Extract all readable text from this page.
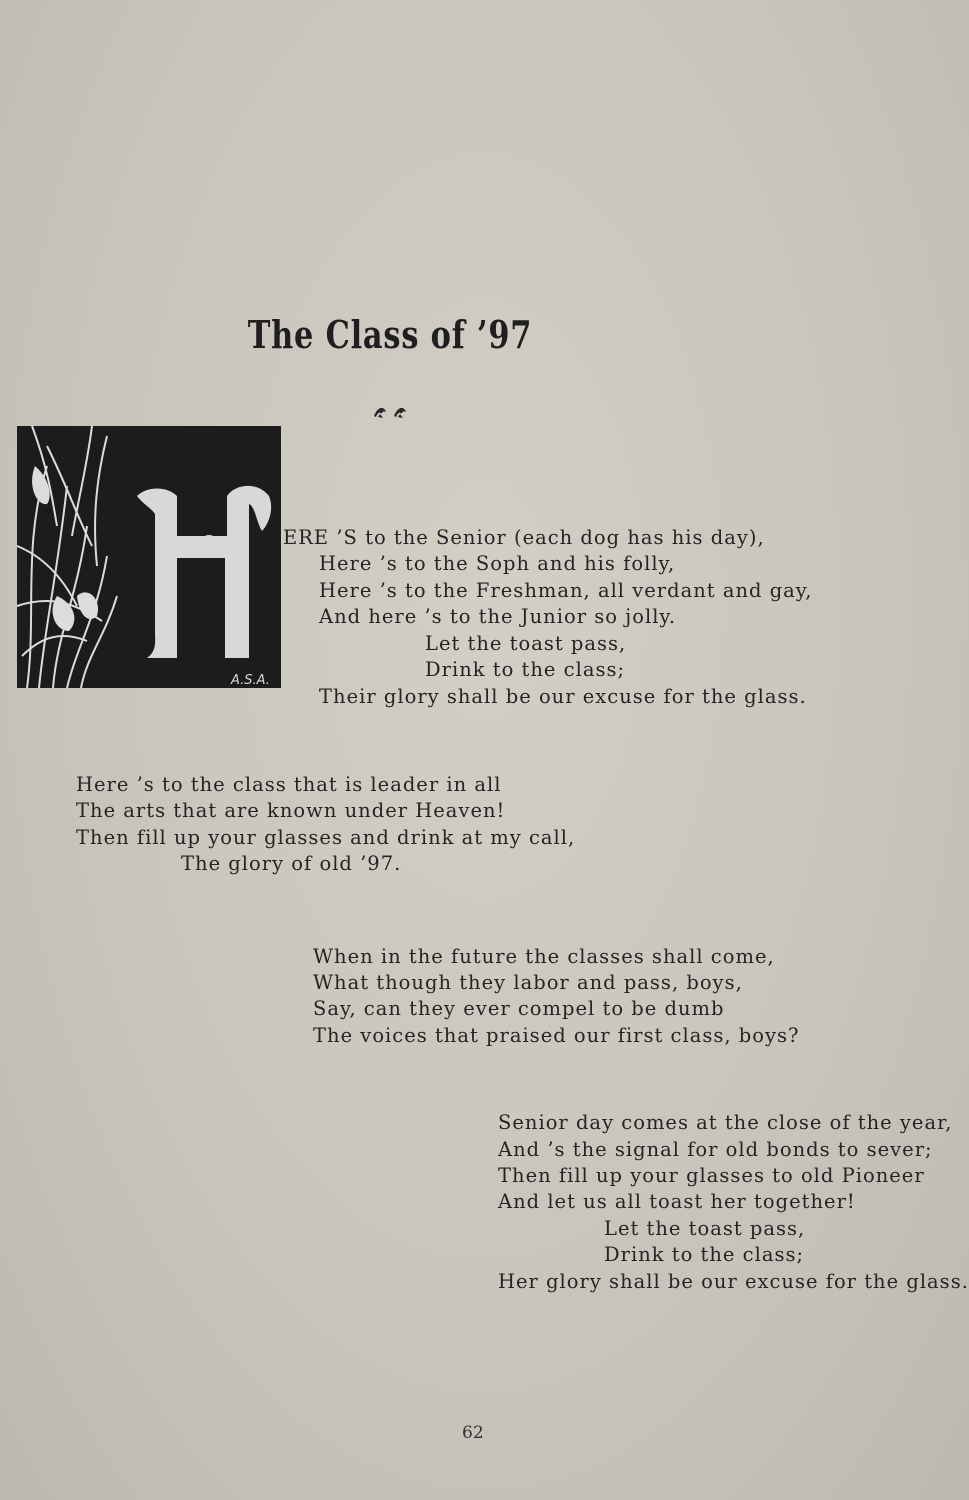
The Class of ’97
A.S.A.
ERE ’S to the Senior (each dog has his day),
Here ’s to the Soph and his folly,
Here ’s to the Freshman, all verdant and gay,
And here ’s to the Junior so jolly.
Let the toast pass,
Drink to the class;
Their glory shall be our excuse for the glass.
Here ’s to the class that is leader in all
The arts that are known under Heaven!
Then fill up your glasses and drink at my call,
The glory of old ’97.
When in the future the classes shall come,
What though they labor and pass, boys,
Say, can they ever compel to be dumb
The voices that praised our first class, boys?
Senior day comes at the close of the year,
And ’s the signal for old bonds to sever;
Then fill up your glasses to old Pioneer
And let us all toast her together!
Let the toast pass,
Drink to the class;
Her glory shall be our excuse for the glass.
62
